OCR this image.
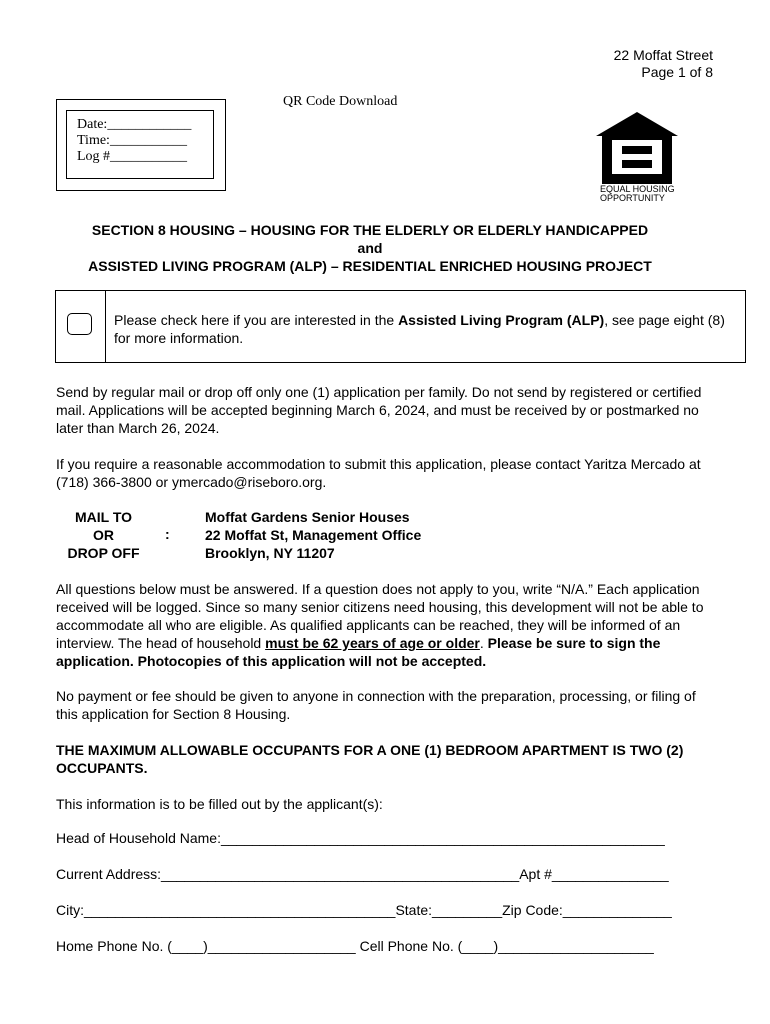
22 Moffat Street
Page 1 of 8
QR Code Download
Date:____________
Time:___________
Log #___________
EQUAL HOUSING
OPPORTUNITY
SECTION 8 HOUSING – HOUSING FOR THE ELDERLY OR ELDERLY HANDICAPPED
and
ASSISTED LIVING PROGRAM (ALP) – RESIDENTIAL ENRICHED HOUSING PROJECT
Please check here if you are interested in the Assisted Living Program (ALP), see page eight (8) for more information.
Send by regular mail or drop off only one (1) application per family. Do not send by registered or certified mail. Applications will be accepted beginning March 6, 2024, and must be received by or postmarked no later than March 26, 2024.
If you require a reasonable accommodation to submit this application, please contact Yaritza Mercado at (718) 366-3800 or ymercado@riseboro.org.
MAIL TO
OR
DROP OFF
:
Moffat Gardens Senior Houses
22 Moffat St, Management Office
Brooklyn, NY 11207
All questions below must be answered. If a question does not apply to you, write “N/A.” Each application received will be logged. Since so many senior citizens need housing, this development will not be able to accommodate all who are eligible. As qualified applicants can be reached, they will be informed of an interview. The head of household must be 62 years of age or older. Please be sure to sign the application. Photocopies of this application will not be accepted.
No payment or fee should be given to anyone in connection with the preparation, processing, or filing of this application for Section 8 Housing.
THE MAXIMUM ALLOWABLE OCCUPANTS FOR A ONE (1) BEDROOM APARTMENT IS TWO (2) OCCUPANTS.
This information is to be filled out by the applicant(s):
Head of Household Name:_________________________________________________________
Current Address:______________________________________________Apt #_______________
City:________________________________________State:_________Zip Code:______________
Home Phone No. (____)___________________ Cell Phone No. (____)____________________
